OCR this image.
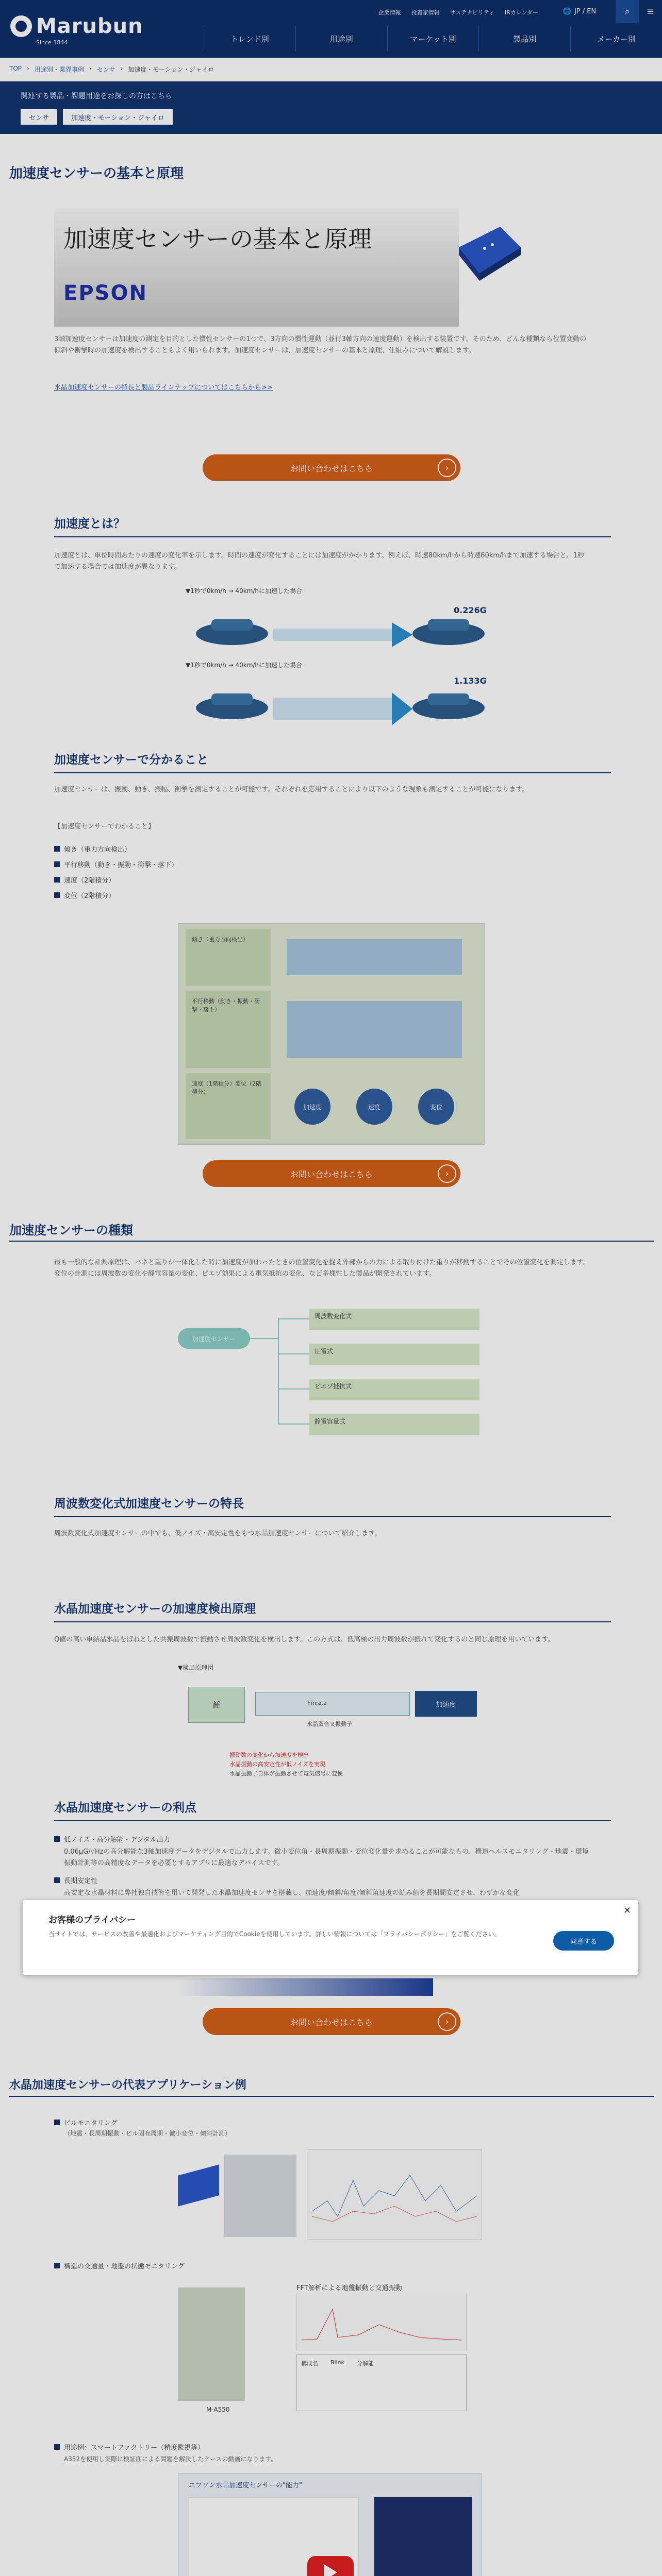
Marubun
Since 1844
企業情報 投資家情報 サステナビリティ IRカレンダー	🌐 JP / EN	⌕	≡
トレンド別	用途別	マーケット別	製品別	メーカー別
TOP › 用途別・業界事例 › センサ › 加速度・モーション・ジャイロ
関連する製品・課題用途をお探しの方はこちら
センサ	加速度・モーション・ジャイロ
加速度センサーの基本と原理
加速度センサーの基本と原理
EPSON
3軸加速度センサーは加速度の測定を目的とした慣性センサーの1つで、3方向の慣性運動（並行3軸方向の速度運動）を検出する装置です。そのため、どんな種類なら位置変動の傾斜や衝撃時の加速度を検出することもよく用いられます。加速度センサーは、加速度センサーの基本と原理、仕組みについて解説します。
水晶加速度センサーの特長と製品ラインナップについてはこちらから>>
お問い合わせはこちら	›
加速度とは？
加速度とは、単位時間あたりの速度の変化率を示します。時間の速度が変化することには加速度がかかります。例えば、時速80km/hから時速60km/hまで加速する場合と、1秒で加速する場合では加速度が異なります。
▼1秒で0km/h → 40km/hに加速した場合
0.226G
▼1秒で0km/h → 40km/hに加速した場合
1.133G
加速度センサーで分かること
加速度センサーは、振動、動き、振幅、衝撃を測定することが可能です。それぞれを応用することにより以下のような現象も測定することが可能になります。
【加速度センサーでわかること】
傾き（重力方向検出）
平行移動（動き・振動・衝撃・落下）
速度（2階積分）
変位（2階積分）
傾き（重力方向検出）
平行移動（動き・振動・衝撃・落下）
速度（1階積分）変位（2階積分）
加速度	速度	変位
お問い合わせはこちら	›
加速度センサーの種類
最も一般的な計測原理は、バネと重りが一体化した時に加速度が加わったときの位置変化を捉え外部からの力による取り付けた重りが移動することでその位置変化を測定します。変位の計測には周波数の変化や静電容量の変化、ピエゾ効果による電気抵抗の変化、など多様性した製品が開発されています。
加速度センサー
周波数変化式
圧電式
ピエゾ抵抗式
静電容量式
周波数変化式加速度センサーの特長
周波数変化式加速度センサーの中でも、低ノイズ・高安定性をもつ水晶加速度センサーについて紹介します。
水晶加速度センサーの加速度検出原理
Q値の高い単結晶水晶をばねとした共振周波数で振動させ周波数変化を検出します。この方式は、低高極の出力周波数が振れて変化するのと同じ原理を用いています。
▼検出原理図
錘	Fm:a.a	加速度
水晶双音叉振動子
振動数の変化から加速度を検出
水晶振動の高安定性が低ノイズを実現
水晶振動子自体が振動させて電気信号に変換
水晶加速度センサーの利点
低ノイズ・高分解能・デジタル出力
0.06μG/√Hzの高分解能な3軸加速度データをデジタルで出力します。微小変位角・長周期振動・変位変化量を求めることが可能なもの、構造ヘルスモニタリング・地震・環境振動計測等の高精度なデータを必要とするアプリに最適なデバイスです。
長期安定性
高安定な水晶材料に弊社独自技術を用いて開発した水晶加速度センサを搭載し、加速度/傾斜/角度/傾斜角速度の読み値を長期間安定させ、わずかな変化
お問い合わせはこちら	›
水晶加速度センサーの代表アプリケーション例
ビルモニタリング
（地震・長周期振動・ビル固有周期・微小変位・傾斜計測）
構造の交通量・地盤の状態モニタリング
M-A550
FFT解析による地盤振動と交通振動
構成名 Blink 分解能
用途例：スマートファクトリー（精度監視等）
A352を使用し実際に検証面による問題を解決したケースの動画になります。
エプソン水晶加速度センサーの"能力"
✕
お客様のプライバシー
当サイトでは、サービスの改善や最適化およびマーケティング目的でCookieを使用しています。詳しい情報については「プライバシーポリシー」をご覧ください。
同意する
